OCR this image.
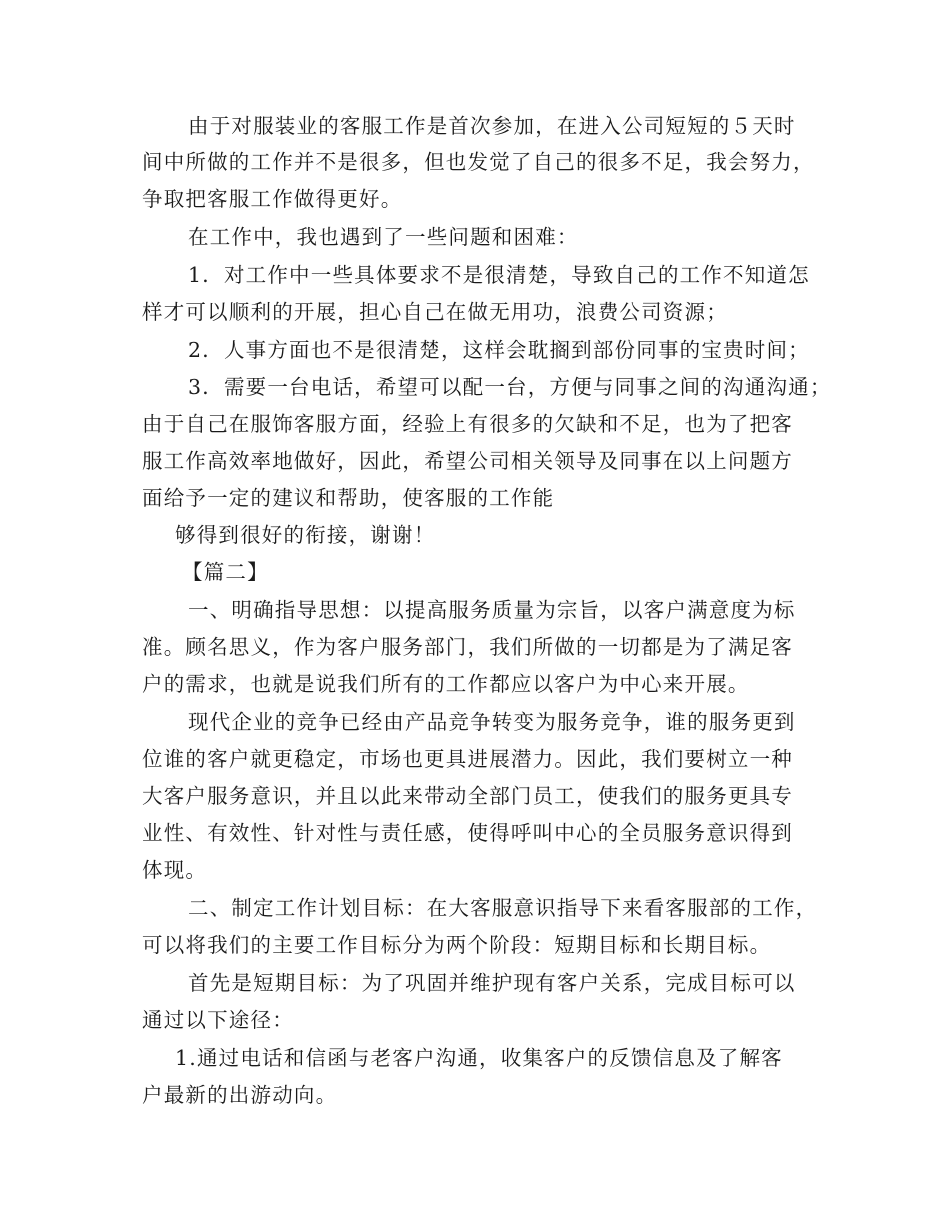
由于对服装业的客服工作是首次参加，在进入公司短短的５天时
间中所做的工作并不是很多，但也发觉了自己的很多不足，我会努力，
争取把客服工作做得更好。
在工作中，我也遇到了一些问题和困难：
1．对工作中一些具体要求不是很清楚，导致自己的工作不知道怎
样才可以顺利的开展，担心自己在做无用功，浪费公司资源；
2．人事方面也不是很清楚，这样会耽搁到部份同事的宝贵时间；
3．需要一台电话，希望可以配一台，方便与同事之间的沟通沟通；
由于自己在服饰客服方面，经验上有很多的欠缺和不足，也为了把客
服工作高效率地做好，因此，希望公司相关领导及同事在以上问题方
面给予一定的建议和帮助，使客服的工作能
够得到很好的衔接，谢谢！
【篇二】
一、明确指导思想：以提高服务质量为宗旨，以客户满意度为标
准。顾名思义，作为客户服务部门，我们所做的一切都是为了满足客
户的需求，也就是说我们所有的工作都应以客户为中心来开展。
现代企业的竞争已经由产品竞争转变为服务竞争，谁的服务更到
位谁的客户就更稳定，市场也更具进展潜力。因此，我们要树立一种
大客户服务意识，并且以此来带动全部门员工，使我们的服务更具专
业性、有效性、针对性与责任感，使得呼叫中心的全员服务意识得到
体现。
二、制定工作计划目标：在大客服意识指导下来看客服部的工作，
可以将我们的主要工作目标分为两个阶段：短期目标和长期目标。
首先是短期目标：为了巩固并维护现有客户关系，完成目标可以
通过以下途径：
1.通过电话和信函与老客户沟通，收集客户的反馈信息及了解客
户最新的出游动向。
